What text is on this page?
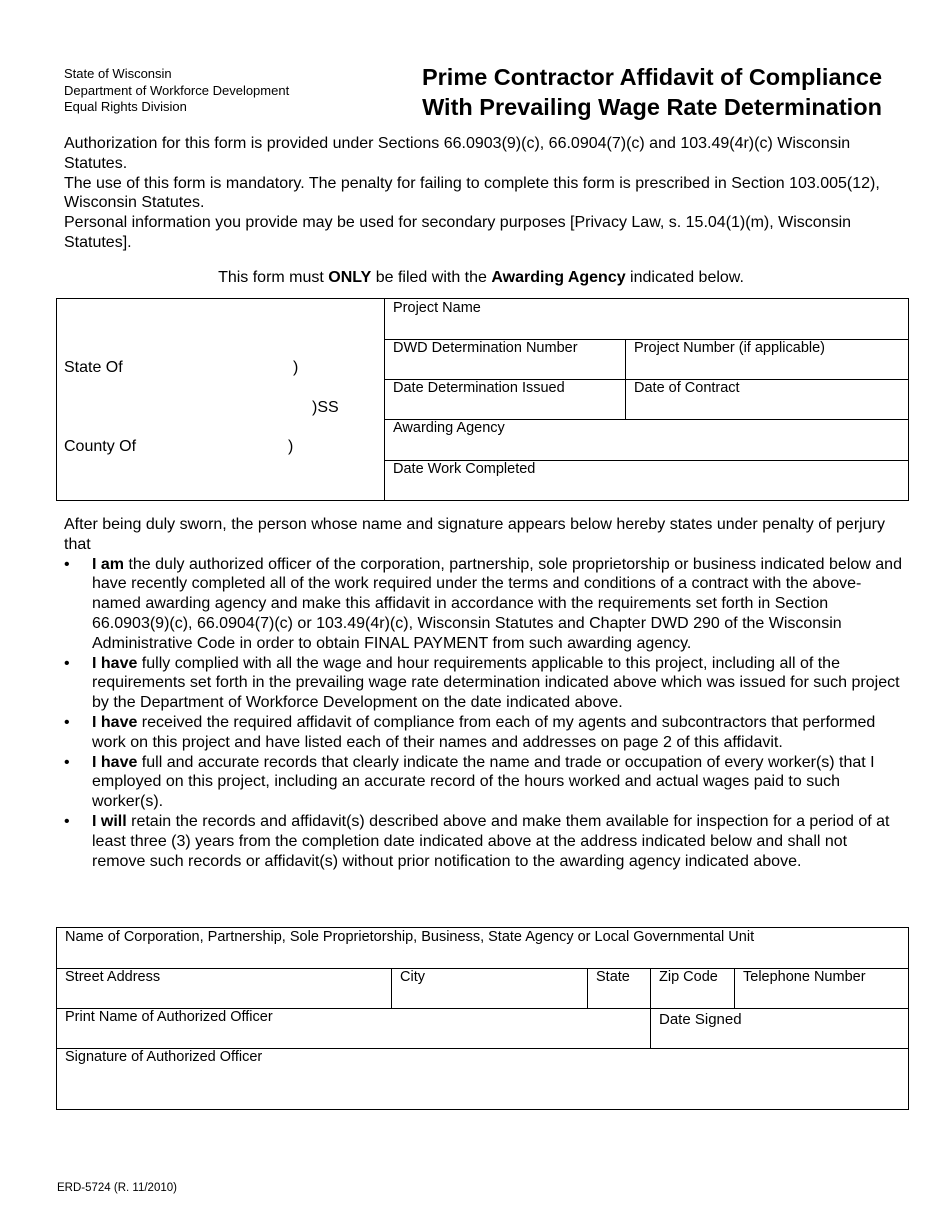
State of Wisconsin
Department of Workforce Development
Equal Rights Division
Prime Contractor Affidavit of Compliance
With Prevailing Wage Rate Determination

Authorization for this form is provided under Sections 66.0903(9)(c), 66.0904(7)(c) and 103.49(4r)(c) Wisconsin Statutes.

The use of this form is mandatory. The penalty for failing to complete this form is prescribed in Section 103.005(12), Wisconsin Statutes.

Personal information you provide may be used for secondary purposes [Privacy Law, s. 15.04(1)(m), Wisconsin Statutes].

This form must ONLY be filed with the Awarding Agency indicated below.
State Of	)
)SS
County Of	)
Project Name
DWD Determination Number	Project Number (if applicable)
Date Determination Issued	Date of Contract
Awarding Agency
Date Work Completed

After being duly sworn, the person whose name and signature appears below hereby states under penalty of perjury that

•	I am the duly authorized officer of the corporation, partnership, sole proprietorship or business indicated below and have recently completed all of the work required under the terms and conditions of a contract with the above-named awarding agency and make this affidavit in accordance with the requirements set forth in Section 66.0903(9)(c), 66.0904(7)(c) or 103.49(4r)(c), Wisconsin Statutes and Chapter DWD 290 of the Wisconsin Administrative Code in order to obtain FINAL PAYMENT from such awarding agency.
•	I have fully complied with all the wage and hour requirements applicable to this project, including all of the requirements set forth in the prevailing wage rate determination indicated above which was issued for such project by the Department of Workforce Development on the date indicated above.
•	I have received the required affidavit of compliance from each of my agents and subcontractors that performed work on this project and have listed each of their names and addresses on page 2 of this affidavit.
•	I have full and accurate records that clearly indicate the name and trade or occupation of every worker(s) that I employed on this project, including an accurate record of the hours worked and actual wages paid to such worker(s).
•	I will retain the records and affidavit(s) described above and make them available for inspection for a period of at least three (3) years from the completion date indicated above at the address indicated below and shall not remove such records or affidavit(s) without prior notification to the awarding agency indicated above.
Name of Corporation, Partnership, Sole Proprietorship, Business, State Agency or Local Governmental Unit
Street Address	City	State	Zip Code	Telephone Number
Print Name of Authorized Officer	Date Signed
Signature of Authorized Officer
ERD-5724 (R. 11/2010)
